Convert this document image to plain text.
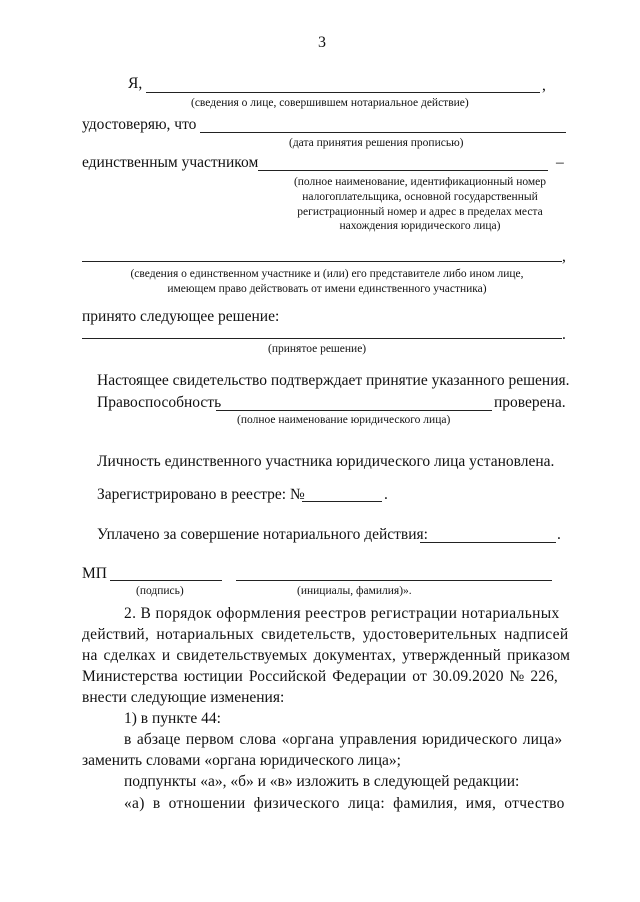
3
Я,	,
(сведения о лице, совершившем нотариальное действие)
удостоверяю, что
(дата принятия решения прописью)
единственным участником	–
(полное наименование, идентификационный номер
налогоплательщика, основной государственный
регистрационный номер и адрес в пределах места
нахождения юридического лица)
,
(сведения о единственном участнике и (или) его представителе либо ином лице,
имеющем право действовать от имени единственного участника)
принято следующее решение:
.
(принятое решение)
Настоящее свидетельство подтверждает принятие указанного решения.
Правоспособность	проверена.
(полное наименование юридического лица)
Личность единственного участника юридического лица установлена.
Зарегистрировано в реестре: №	.
Уплачено за совершение нотариального действия:	.
МП
(подпись)	(инициалы, фамилия)».
2. В порядок оформления реестров регистрации нотариальных
действий, нотариальных свидетельств, удостоверительных надписей
на сделках и свидетельствуемых документах, утвержденный приказом
Министерства юстиции Российской Федерации от 30.09.2020 № 226,
внести следующие изменения:
1) в пункте 44:
в абзаце первом слова «органа управления юридического лица»
заменить словами «органа юридического лица»;
подпункты «а», «б» и «в» изложить в следующей редакции:
«а) в отношении физического лица: фамилия, имя, отчество
